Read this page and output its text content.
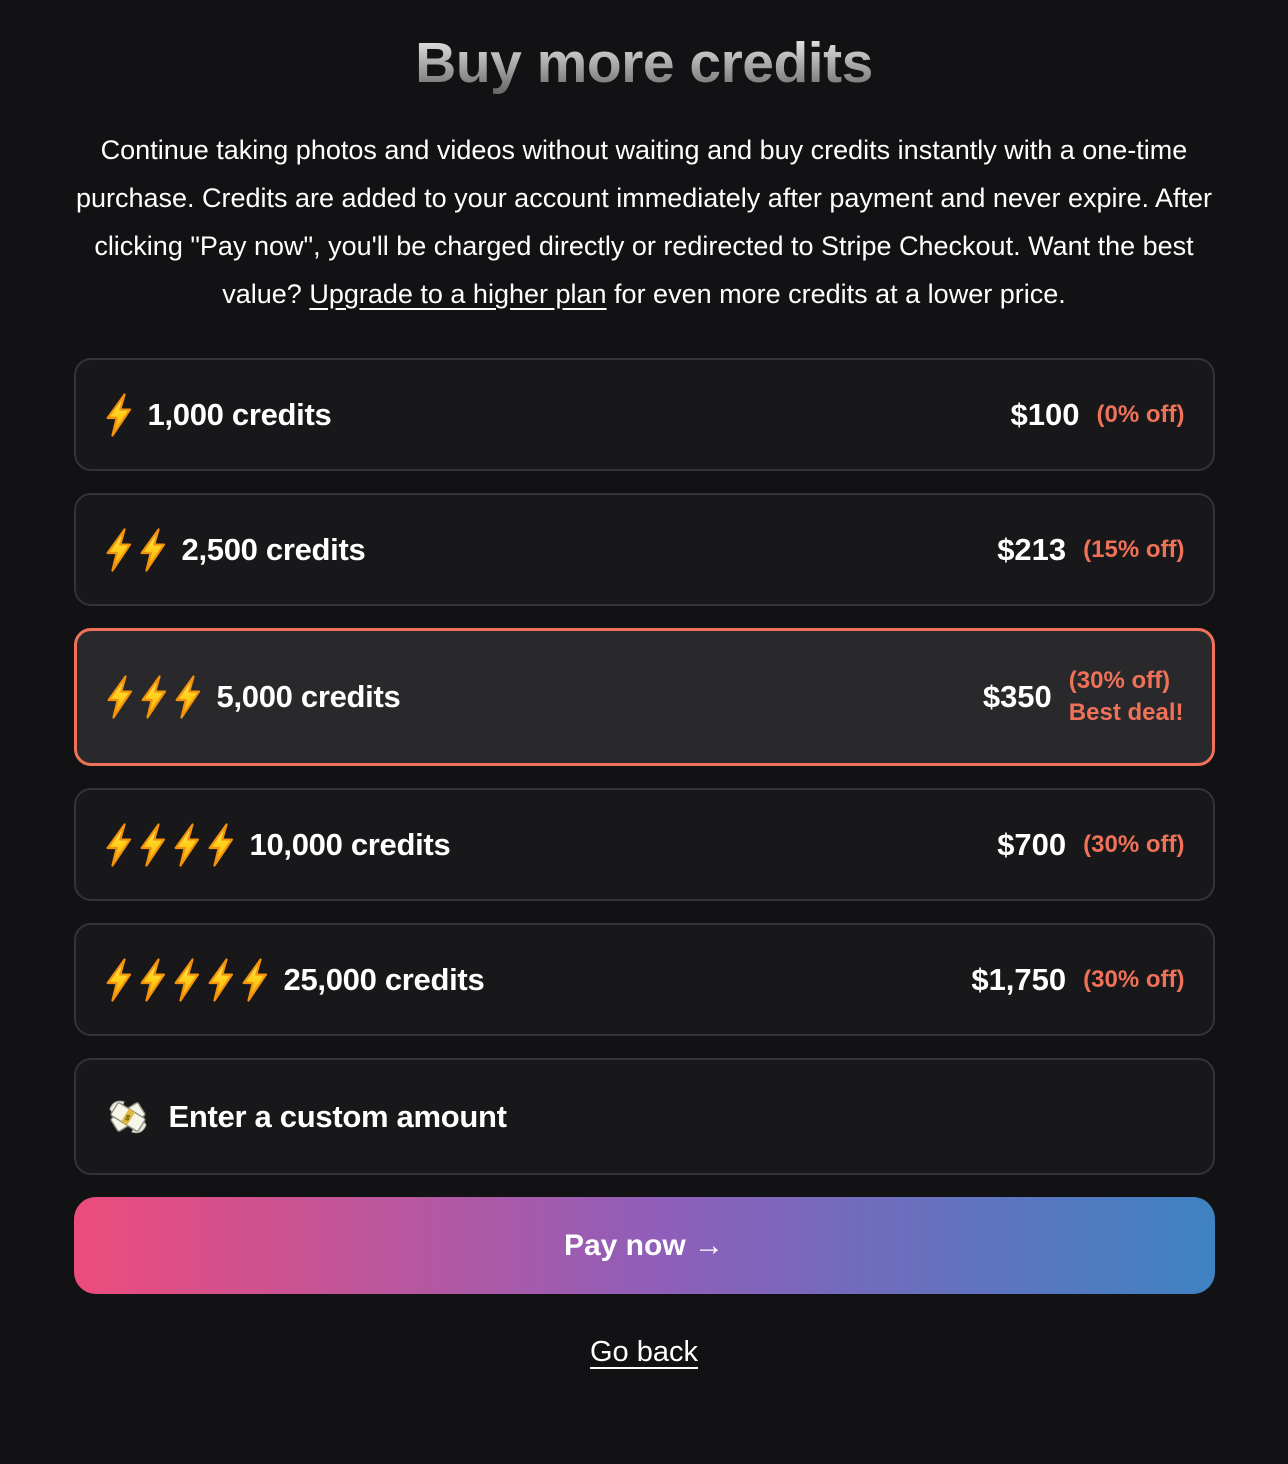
Buy more credits

Continue taking photos and videos without waiting and buy credits instantly with a one-time purchase. Credits are added to your account immediately after payment and never expire. After clicking "Pay now", you'll be charged directly or redirected to Stripe Checkout. Want the best value? Upgrade to a higher plan for even more credits at a lower price.

1,000 credits	$100 (0% off)
2,500 credits	$213 (15% off)
5,000 credits	$350 (30% off)
Best deal!
10,000 credits	$700 (30% off)
25,000 credits	$1,750 (30% off)
$ Enter a custom amount
Pay now →
Go back
